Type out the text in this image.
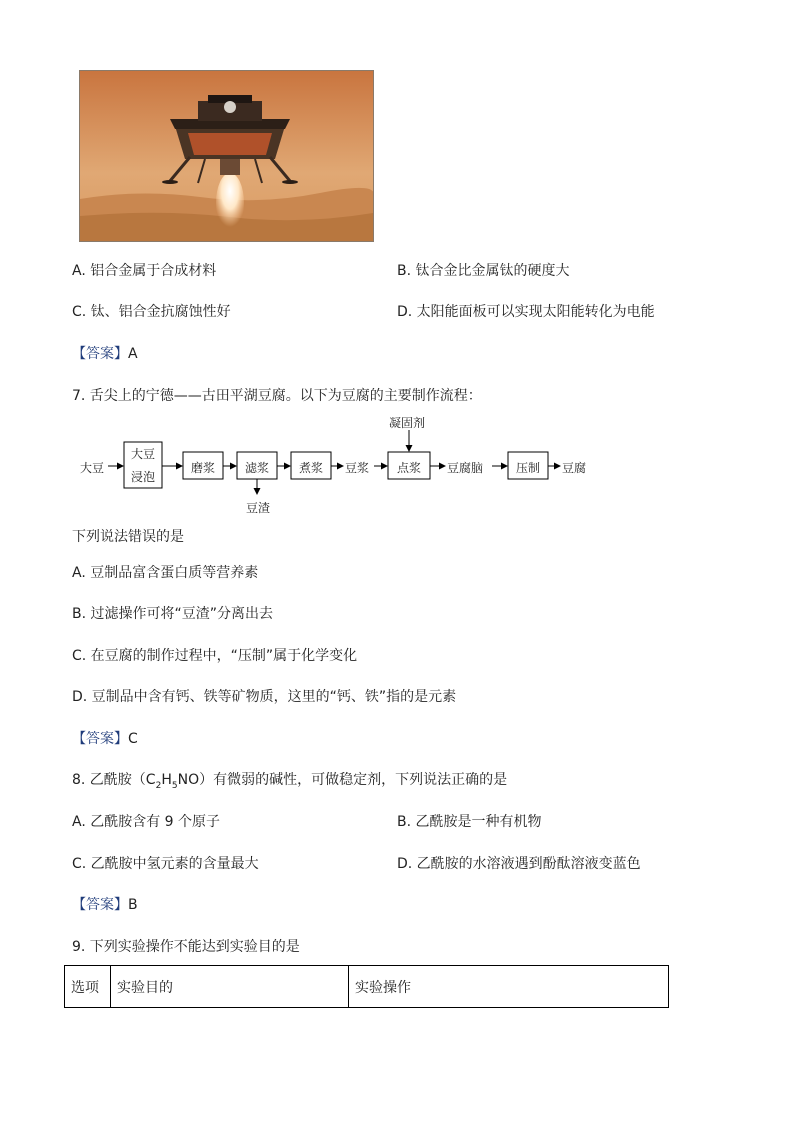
A. 铝合金属于合成材料	B. 钛合金比金属钛的硬度大
C. 钛、铝合金抗腐蚀性好	D. 太阳能面板可以实现太阳能转化为电能
【答案】A
7. 舌尖上的宁德——古田平湖豆腐。以下为豆腐的主要制作流程：
大豆
大豆
浸泡
磨浆 滤浆
豆渣
煮浆 豆浆
凝固剂
点浆 豆腐脑	压制 豆腐
下列说法错误的是
A. 豆制品富含蛋白质等营养素
B. 过滤操作可将“豆渣”分离出去
C. 在豆腐的制作过程中，“压制”属于化学变化
D. 豆制品中含有钙、铁等矿物质，这里的“钙、铁”指的是元素
【答案】C
8. 乙酰胺$(C_2H_5NO)$有微弱的碱性，可做稳定剂，下列说法正确的是
A. 乙酰胺含有 9 个原子	B. 乙酰胺是一种有机物
C. 乙酰胺中氢元素的含量最大	D. 乙酰胺的水溶液遇到酚酞溶液变蓝色
【答案】B
9. 下列实验操作不能达到实验目的是
选项	实验目的	实验操作
